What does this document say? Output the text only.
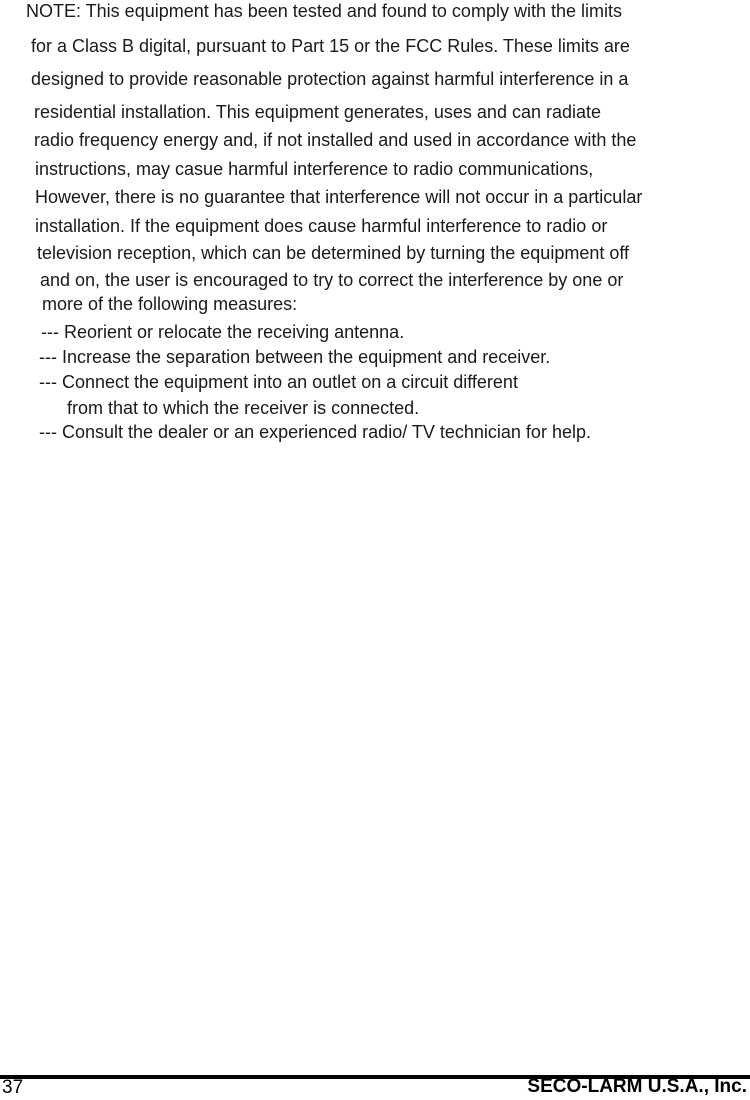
NOTE: This equipment has been tested and found to comply with the limits
for a Class B digital, pursuant to Part 15 or the FCC Rules. These limits are
designed to provide reasonable protection against harmful interference in a
residential installation. This equipment generates, uses and can radiate
radio frequency energy and, if not installed and used in accordance with the
instructions, may casue harmful interference to radio communications,
However, there is no guarantee that interference will not occur in a particular
installation. If the equipment does cause harmful interference to radio or
television reception, which can be determined by turning the equipment off
and on, the user is encouraged to try to correct the interference by one or
more of the following measures:
--- Reorient or relocate the receiving antenna.
--- Increase the separation between the equipment and receiver.
--- Connect the equipment into an outlet on a circuit different
from that to which the receiver is connected.
--- Consult the dealer or an experienced radio/ TV technician for help.
37	SECO-LARM U.S.A., Inc.
